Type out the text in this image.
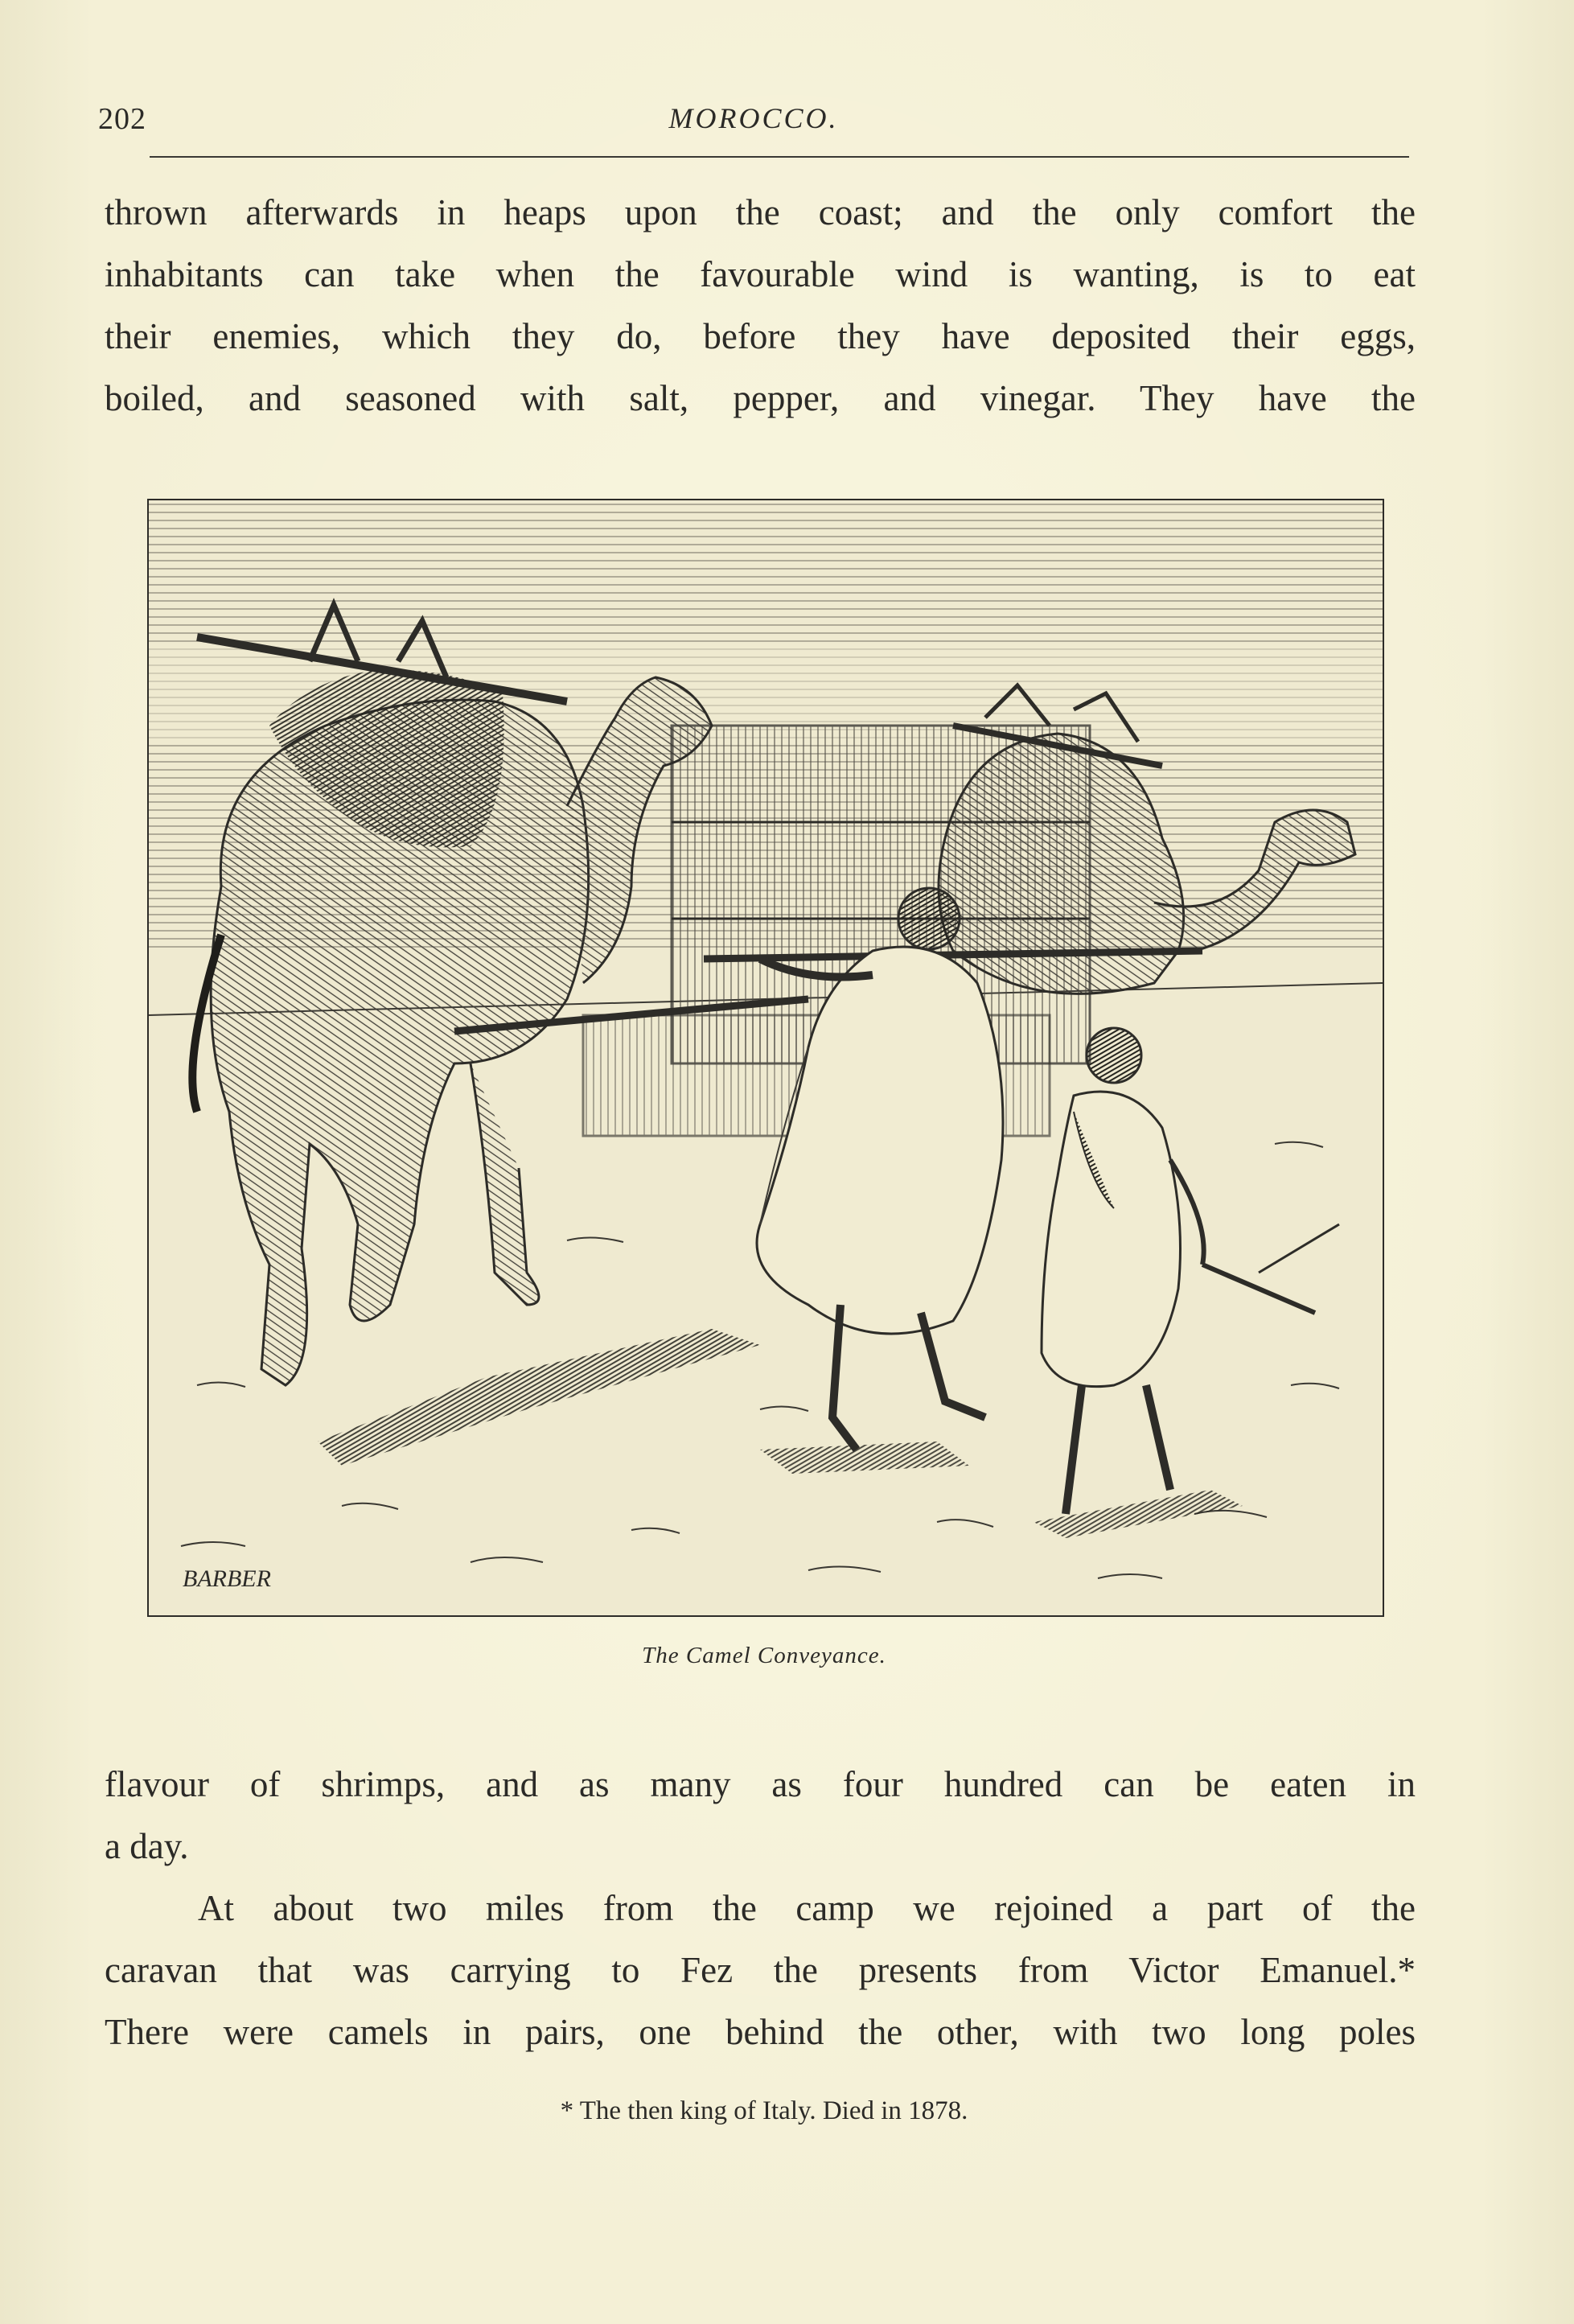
202	MOROCCO.
thrown afterwards in heaps upon the coast; and the only comfort the
inhabitants can take when the favourable wind is wanting, is to eat
their enemies, which they do, before they have deposited their eggs,
boiled, and seasoned with salt, pepper, and vinegar. They have the
BARBER
The Camel Conveyance.
flavour of shrimps, and as many as four hundred can be eaten in
a day.
At about two miles from the camp we rejoined a part of the
caravan that was carrying to Fez the presents from Victor Emanuel.*
There were camels in pairs, one behind the other, with two long poles
* The then king of Italy. Died in 1878.
